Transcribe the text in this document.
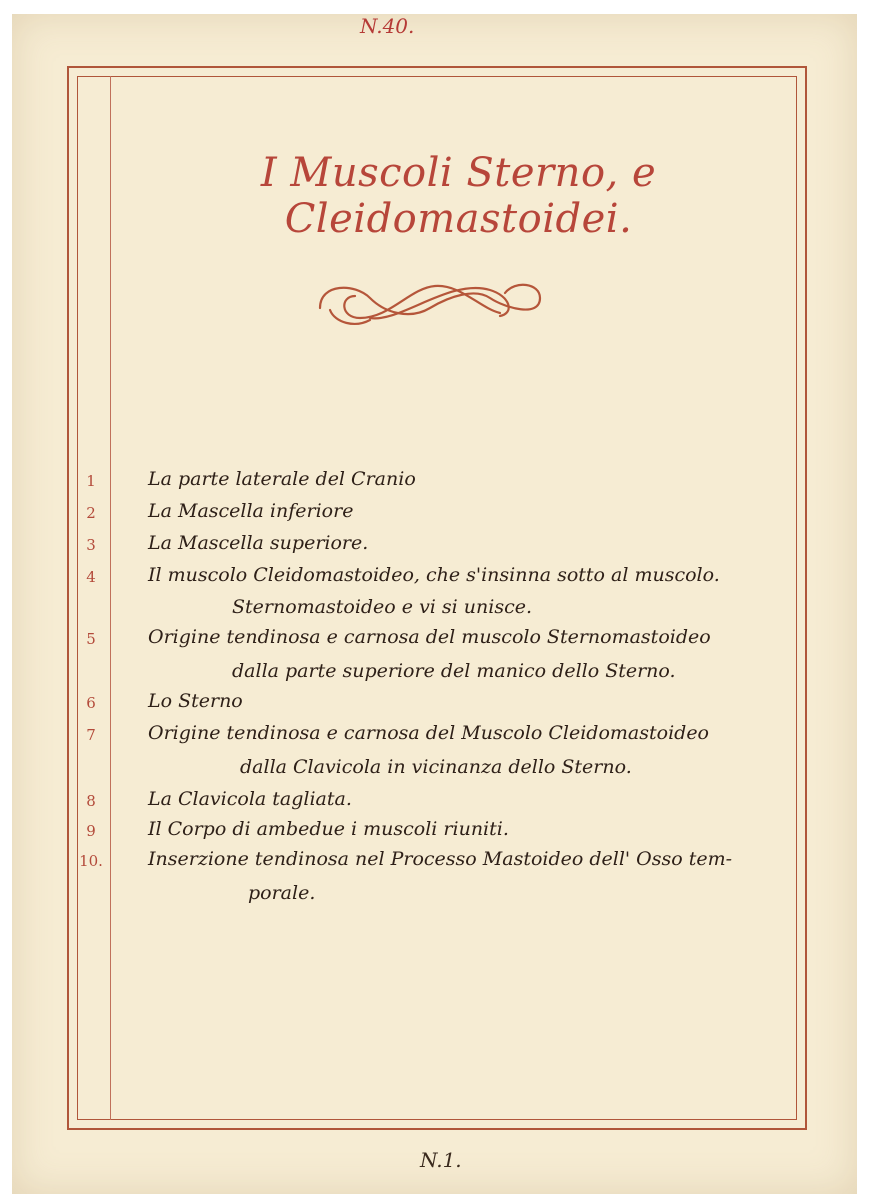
N.40.
I Muscoli Sterno, e Cleidomastoidei.
1	La parte laterale del Cranio
2	La Mascella inferiore
3	La Mascella superiore.
4	Il muscolo Cleidomastoideo, che s'insinna sotto al muscolo.
Sternomastoideo e vi si unisce.
5	Origine tendinosa e carnosa del muscolo Sternomastoideo
dalla parte superiore del manico dello Sterno.
6	Lo Sterno
7	Origine tendinosa e carnosa del Muscolo Cleidomastoideo
dalla Clavicola in vicinanza dello Sterno.
8	La Clavicola tagliata.
9	Il Corpo di ambedue i muscoli riuniti.
10. Inserzione tendinosa nel Processo Mastoideo dell' Osso tem-
porale.
N.1.
